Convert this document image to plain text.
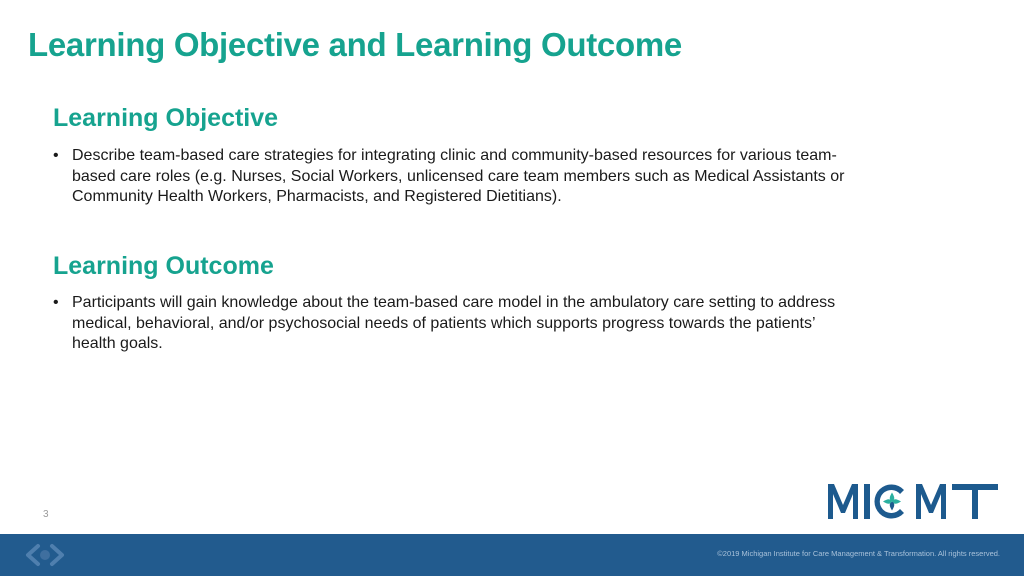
Learning Objective and Learning Outcome
Learning Objective
• Describe team-based care strategies for integrating clinic and community-based resources for various team-based care roles (e.g. Nurses, Social Workers, unlicensed care team members such as Medical Assistants or Community Health Workers, Pharmacists, and Registered Dietitians).
Learning Outcome
• Participants will gain knowledge about the team-based care model in the ambulatory care setting to address medical, behavioral, and/or psychosocial needs of patients which supports progress towards the patients’ health goals.
3
©2019 Michigan Institute for Care Management & Transformation. All rights reserved.
